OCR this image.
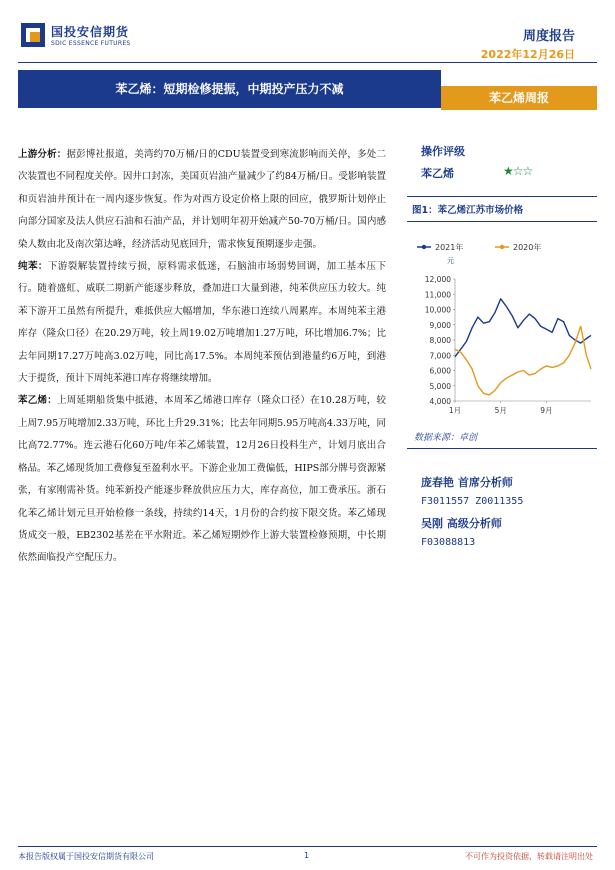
国投安信期货
SDIC ESSENCE FUTURES	周度报告
2022年12月26日
苯乙烯：短期检修提振，中期投产压力不减
苯乙烯周报

上游分析：据彭博社报道，美湾约70万桶/日的CDU装置受到寒流影响而关停，多处二次装置也不同程度关停。因井口封冻，美国页岩油产量减少了约84万桶/日。受影响装置和页岩油井预计在一周内逐步恢复。作为对西方设定价格上限的回应，俄罗斯计划停止向部分国家及法人供应石油和石油产品，并计划明年初开始减产50-70万桶/日。国内感染人数由北及南次第达峰，经济活动见底回升，需求恢复预期逐步走强。

纯苯：下游裂解装置持续亏损，原料需求低迷，石脑油市场弱势回调，加工基本压下行。随着盛虹、威联二期新产能逐步释放，叠加进口大量到港，纯苯供应压力较大。纯苯下游开工虽然有所提升，难抵供应大幅增加，华东港口连续八周累库。本周纯苯主港库存（隆众口径）在20.29万吨，较上周19.02万吨增加1.27万吨，环比增加6.7%；比去年同期17.27万吨高3.02万吨，同比高17.5%。本周纯苯预估到港量约6万吨，到港大于提货，预计下周纯苯港口库存将继续增加。

苯乙烯：上周延期船货集中抵港，本周苯乙烯港口库存（隆众口径）在10.28万吨，较上周7.95万吨增加2.33万吨，环比上升29.31%；比去年同期5.95万吨高4.33万吨，同比高72.77%。连云港石化60万吨/年苯乙烯装置，12月26日投料生产，计划月底出合格品。苯乙烯现货加工费修复至盈利水平。下游企业加工费偏低，HIPS部分牌号资源紧张，有家刚需补货。纯苯新投产能逐步释放供应压力大，库存高位，加工费承压。浙石化苯乙烯计划元旦开始检修一条线，持续约14天，1月份的合约按下限交货。苯乙烯现货成交一般，EB2302基差在平水附近。苯乙烯短期炒作上游大装置检修预期，中长期依然面临投产空配压力。

操作评级
苯乙烯	★☆☆
图1：苯乙烯江苏市场价格
2021年	2020年
元
4,000
5,000
6,000
7,000
8,000
9,000
10,000
11,000
12,000
1月	5月	9月
数据来源：卓创
庞春艳 首席分析师
F3011557 Z0011355
吴刚 高级分析师
F03088813
本报告版权属于国投安信期货有限公司	1	不可作为投资依据，转载请注明出处
